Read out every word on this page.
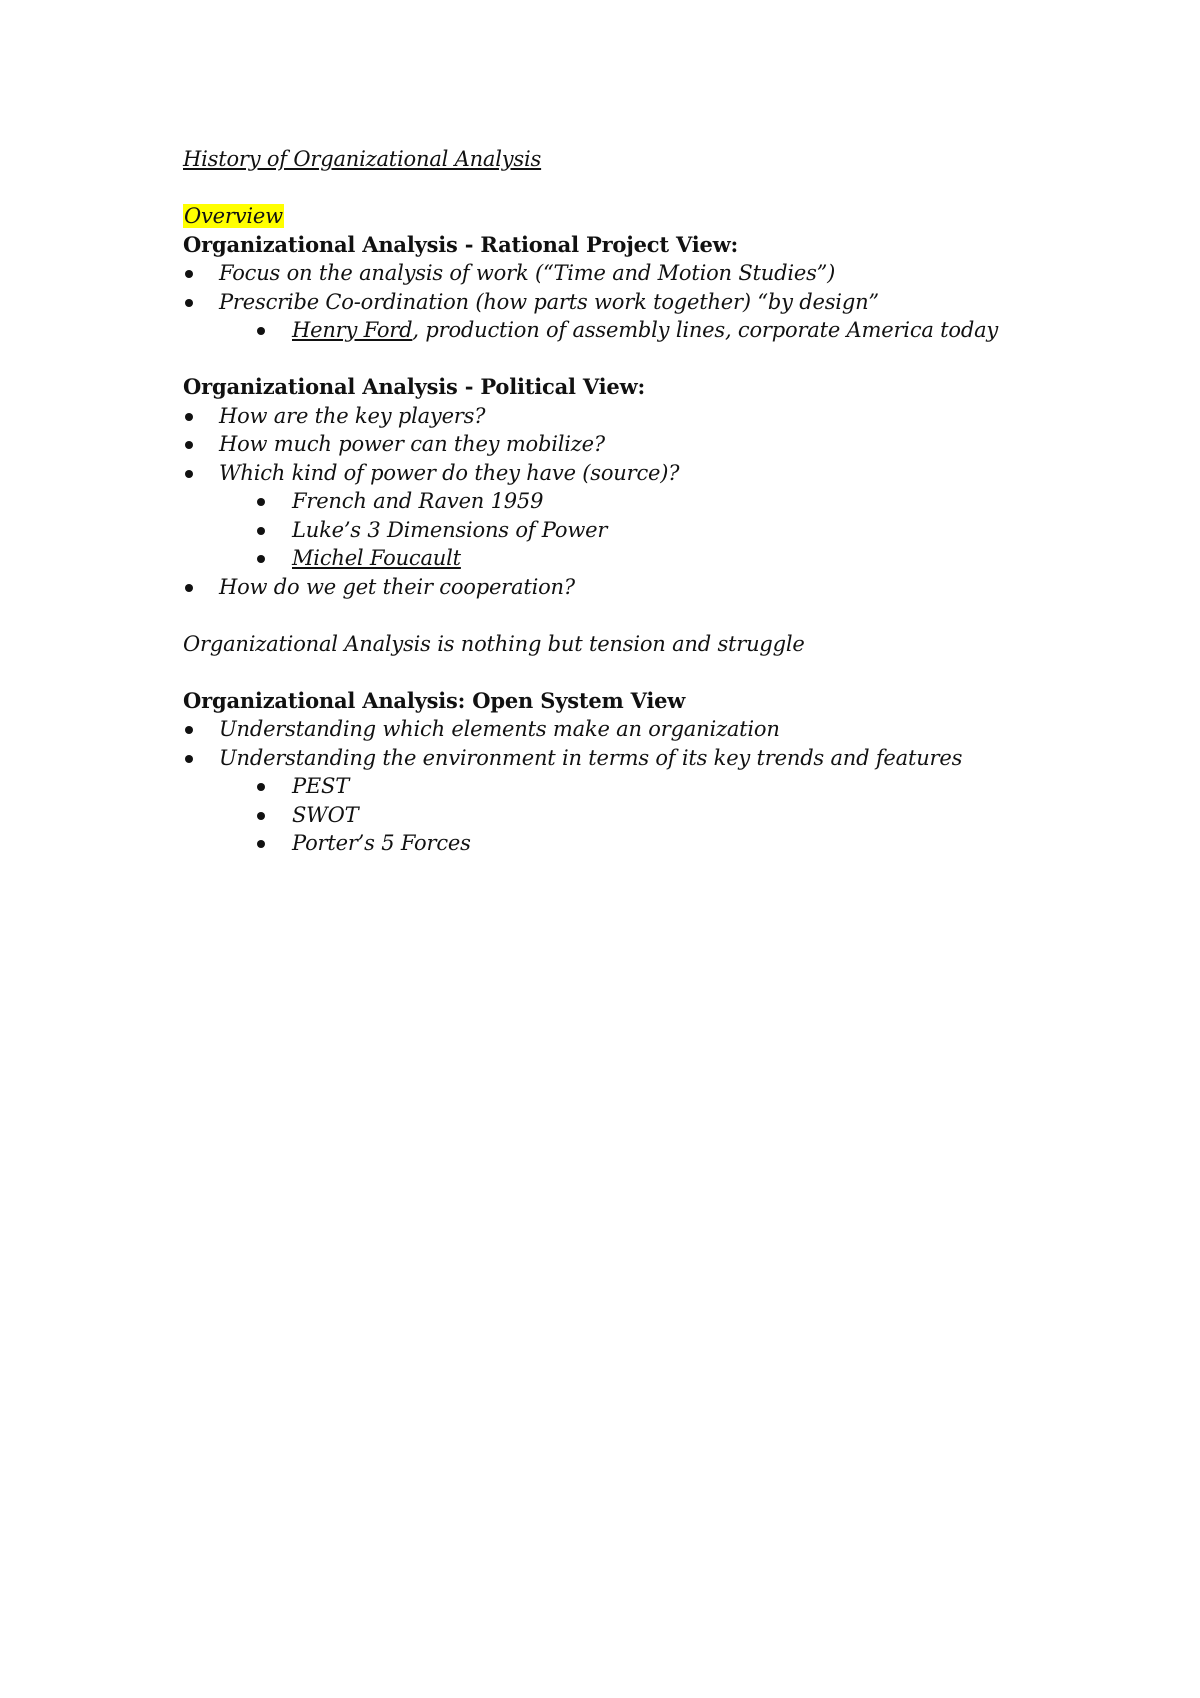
History of Organizational Analysis
Overview
Organizational Analysis - Rational Project View:
Focus on the analysis of work (“Time and Motion Studies”)
Prescribe Co-ordination (how parts work together) “by design”
Henry Ford, production of assembly lines, corporate America today
Organizational Analysis - Political View:
How are the key players?
How much power can they mobilize?
Which kind of power do they have (source)?
French and Raven 1959
Luke’s 3 Dimensions of Power
Michel Foucault
How do we get their cooperation?
Organizational Analysis is nothing but tension and struggle
Organizational Analysis: Open System View
Understanding which elements make an organization
Understanding the environment in terms of its key trends and features
PEST
SWOT
Porter’s 5 Forces
